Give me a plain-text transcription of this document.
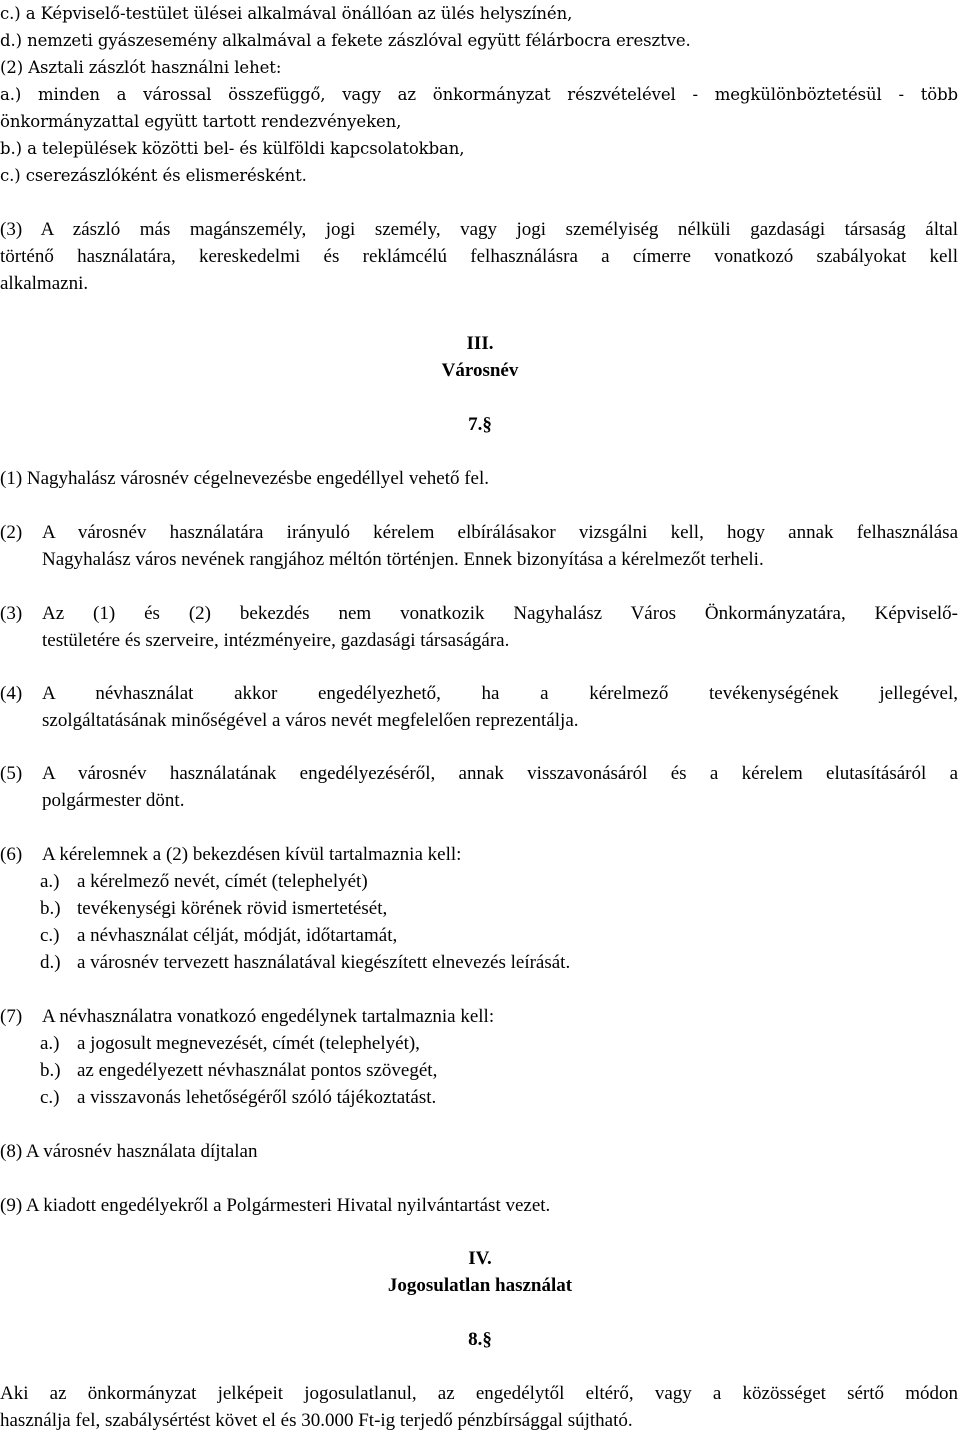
c.) a Képviselő-testület ülései alkalmával önállóan az ülés helyszínén,
d.) nemzeti gyászesemény alkalmával a fekete zászlóval együtt félárbocra eresztve.
(2) Asztali zászlót használni lehet:
a.) minden a várossal összefüggő, vagy az önkormányzat részvételével - megkülönböztetésül - több
önkormányzattal együtt tartott rendezvényeken,
b.) a települések közötti bel- és külföldi kapcsolatokban,
c.) cserezászlóként és elismerésként.
(3) A zászló más magánszemély, jogi személy, vagy jogi személyiség nélküli gazdasági társaság által
történő használatára, kereskedelmi és reklámcélú felhasználásra a címerre vonatkozó szabályokat kell
alkalmazni.
III.
Városnév
7.§
(1) Nagyhalász városnév cégelnevezésbe engedéllyel vehető fel.
(2)	A városnév használatára irányuló kérelem elbírálásakor vizsgálni kell, hogy annak felhasználása
Nagyhalász város nevének rangjához méltón történjen. Ennek bizonyítása a kérelmezőt terheli.
(3)	Az (1) és (2) bekezdés nem vonatkozik Nagyhalász Város Önkormányzatára, Képviselő-
testületére és szerveire, intézményeire, gazdasági társaságára.
(4)	A névhasználat akkor engedélyezhető, ha a kérelmező tevékenységének jellegével,
szolgáltatásának minőségével a város nevét megfelelően reprezentálja.
(5)	A városnév használatának engedélyezéséről, annak visszavonásáról és a kérelem elutasításáról a
polgármester dönt.
(6)	A kérelemnek a (2) bekezdésen kívül tartalmaznia kell:
a.) a kérelmező nevét, címét (telephelyét)
b.) tevékenységi körének rövid ismertetését,
c.) a névhasználat célját, módját, időtartamát,
d.) a városnév tervezett használatával kiegészített elnevezés leírását.
(7)	A névhasználatra vonatkozó engedélynek tartalmaznia kell:
a.) a jogosult megnevezését, címét (telephelyét),
b.) az engedélyezett névhasználat pontos szövegét,
c.) a visszavonás lehetőségéről szóló tájékoztatást.
(8) A városnév használata díjtalan
(9) A kiadott engedélyekről a Polgármesteri Hivatal nyilvántartást vezet.
IV.
Jogosulatlan használat
8.§
Aki az önkormányzat jelképeit jogosulatlanul, az engedélytől eltérő, vagy a közösséget sértő módon
használja fel, szabálysértést követ el és 30.000 Ft-ig terjedő pénzbírsággal sújtható.
